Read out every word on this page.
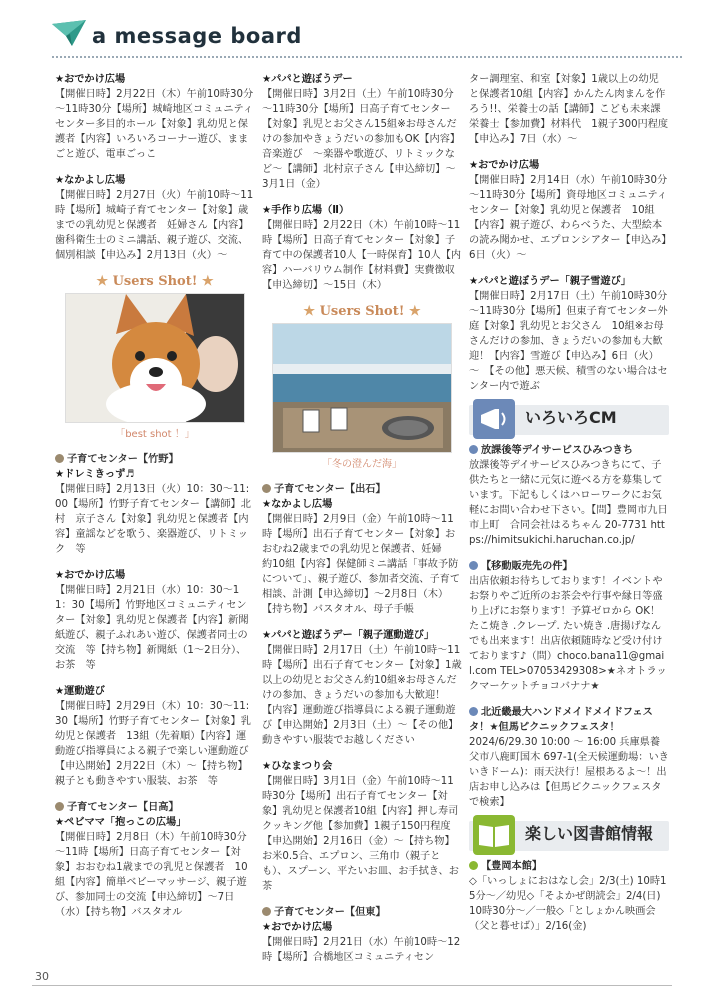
a message board
★おでかけ広場
【開催日時】2月22日（木）午前10時30分～11時30分【場所】城崎地区コミュニティセンター多目的ホール【対象】乳幼児と保護者【内容】いろいろコーナー遊び、ままごと遊び、電車ごっこ
★なかよし広場
【開催日時】2月27日（火）午前10時～11時【場所】城崎子育てセンター【対象】歳までの乳幼児と保護者　妊婦さん【内容】歯科衛生士のミニ講話、親子遊び、交流、個別相談【申込み】2月13日（火）～
★ Users Shot! ★
「best shot ！」
子育てセンター【竹野】
★ドレミきっず♬
【開催日時】2月13日（火）10：30～11:00【場所】竹野子育てセンター【講師】北村　京子さん【対象】乳幼児と保護者【内容】童謡などを歌う、楽器遊び、リトミック　等
★おでかけ広場
【開催日時】2月21日（水）10：30～11：30【場所】竹野地区コミュニティセンター【対象】乳幼児と保護者【内容】新聞紙遊び、親子ふれあい遊び、保護者同士の交流　等【持ち物】新聞紙（1～2日分）、お茶　等
★運動遊び
【開催日時】2月29日（木）10：30～11:30【場所】竹野子育てセンター【対象】乳幼児と保護者　13組（先着順）【内容】運動遊び指導員による親子で楽しい運動遊び【申込開始】2月22日（木）～【持ち物】親子とも動きやすい服装、お茶　等
子育てセンター【日高】
★ペビママ「抱っこの広場」
【開催日時】2月8日（木）午前10時30分～11時【場所】日高子育てセンター【対象】おおむね1歳までの乳児と保護者　10組【内容】簡単ベビーマッサージ、親子遊び、参加同士の交流【申込締切】～7日（水）【持ち物】バスタオル
★パパと遊ぼうデー
【開催日時】3月2日（土）午前10時30分～11時30分【場所】日高子育てセンター【対象】乳児とお父さん15組※お母さんだけの参加やきょうだいの参加もOK【内容】音楽遊び　～楽器や歌遊び、リトミックなど～【講師】北村京子さん【申込締切】～3月1日（金）
★手作り広場（Ⅱ）
【開催日時】2月22日（木）午前10時～11時【場所】日高子育てセンター【対象】子育て中の保護者10人【一時保育】10人【内容】ハーバリウム制作【材料費】実費徴収【申込締切】～15日（木）
★ Users Shot! ★
「冬の澄んだ海」
子育てセンター【出石】
★なかよし広場
【開催日時】2月9日（金）午前10時～11時【場所】出石子育てセンター【対象】おおむね2歳までの乳幼児と保護者、妊婦　約10組【内容】保健師ミニ講話「事故予防について」、親子遊び、参加者交流、子育て相談、計測【申込締切】～2月8日（木）【持ち物】バスタオル、母子手帳
★パパと遊ぼうデー「親子運動遊び」
【開催日時】2月17日（土）午前10時～11時【場所】出石子育てセンター【対象】1歳以上の幼児とお父さん約10組※お母さんだけの参加、きょうだいの参加も大歓迎！【内容】運動遊び指導員による親子運動遊び【申込開始】2月3日（土）～【その他】動きやすい服装でお越しください
★ひなまつり会
【開催日時】3月1日（金）午前10時～11時30分【場所】出石子育てセンター【対象】乳幼児と保護者10組【内容】押し寿司クッキング他【参加費】1親子150円程度【申込開始】2月16日（金）～【持ち物】お米0.5合、エプロン、三角巾（親子とも）、スプーン、平たいお皿、お手拭き、お茶
子育てセンター【但東】
★おでかけ広場
【開催日時】2月21日（水）午前10時～12時【場所】合橋地区コミュニティセン
ター調理室、和室【対象】1歳以上の幼児と保護者10組【内容】かんたん肉まんを作ろう!!、栄養士の話【講師】こども未来課栄養士【参加費】材料代　1親子300円程度【申込み】7日（水）～
★おでかけ広場
【開催日時】2月14日（水）午前10時30分～11時30分【場所】資母地区コミュニティセンター【対象】乳幼児と保護者　10組【内容】親子遊び、わらべうた、大型絵本の読み聞かせ、エプロンシアター【申込み】6日（火）～
★パパと遊ぼうデー「親子雪遊び」
【開催日時】2月17日（土）午前10時30分～11時30分【場所】但東子育てセンター外庭【対象】乳幼児とお父さん　10組※お母さんだけの参加、きょうだいの参加も大歓迎！【内容】雪遊び【申込み】6日（火）～　【その他】悪天候、積雪のない場合はセンター内で遊ぶ
いろいろCM
放課後等デイサービスひみつきち
放課後等デイサービスひみつきちにて、子供たちと一緒に元気に遊べる方を募集しています。下記もしくはハローワークにお気軽にお問い合わせ下さい。【問】豊岡市九日市上町　合同会社はるちゃん 20-7731 https://himitsukichi.haruchan.co.jp/
【移動販売先の件】
出店依頼お待ちしております！イベントやお祭りやご近所のお茶会や行事や縁日等盛り上げにお祭ります！予算ゼロから OK！たこ焼き .クレープ. たい焼き .唐揚げなんでも出来ます！出店依頼随時など受け付けております♪（問）choco.bana11@gmail.com TEL>07053429308>★ネオトラックマーケットチョコバナナ★
北近畿最大ハンドメイドメイドフェスタ！★但馬ピクニックフェスタ！
2024/6/29.30 10:00 ～ 16:00 兵庫県養父市八鹿町国木 697-1(全天候運動場：いきいきドーム)：雨天決行！屋根あるよ～！出店お申し込みは【但馬ピクニックフェスタで検索】
楽しい図書館情報
【豊岡本館】
◇「いっしょにおはなし会」2/3(土) 10時15分～／幼児◇「そよかぜ朗読会」2/4(日) 10時30分～／一般◇「としょかん映画会（父と暮せば）」2/16(金)
30
